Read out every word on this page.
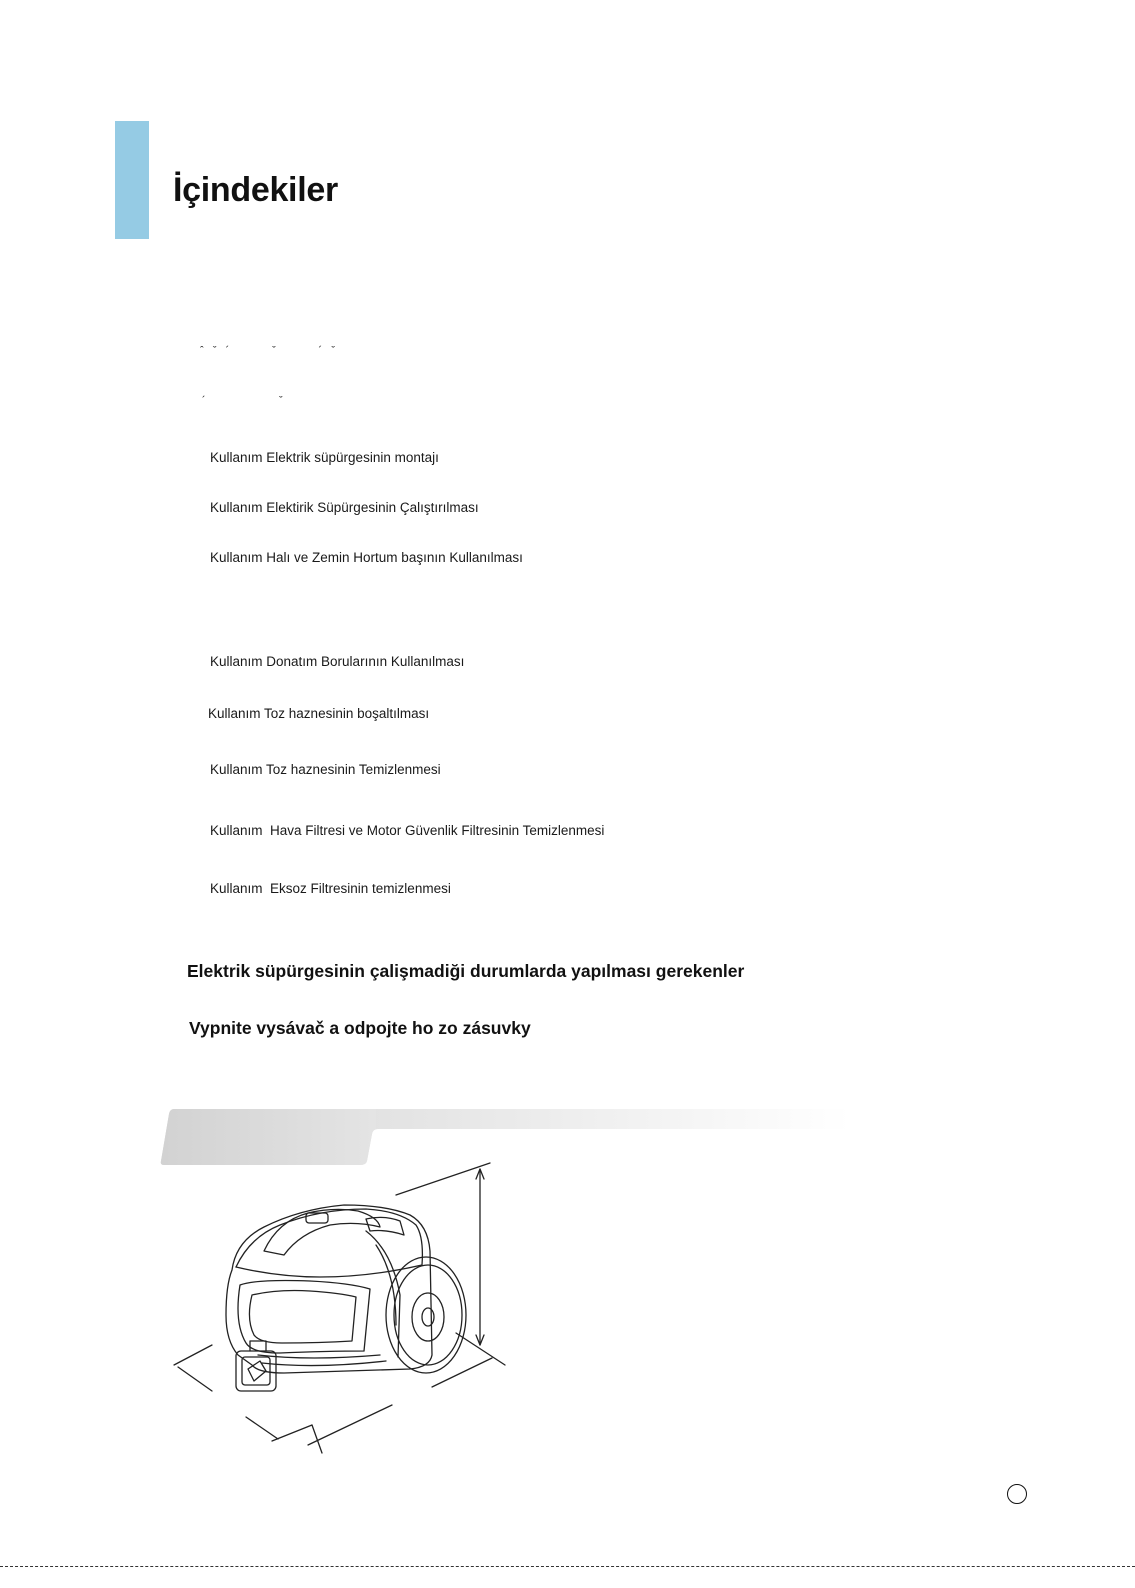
İçindekiler
ˆ   ˇ   ´              ˇ              ´   ˇ
´                        ˇ
Kullanım Elektrik süpürgesinin montajı
Kullanım Elektirik Süpürgesinin Çalıştırılması
Kullanım Halı ve Zemin Hortum başının Kullanılması
Kullanım Donatım Borularının Kullanılması
Kullanım Toz haznesinin boşaltılması
Kullanım Toz haznesinin Temizlenmesi
Kullanım  Hava Filtresi ve Motor Güvenlik Filtresinin Temizlenmesi
Kullanım  Eksoz Filtresinin temizlenmesi
Elektrik süpürgesinin çalişmadiği durumlarda yapılması gerekenler
Vypnite vysávač a odpojte ho zo zásuvky
